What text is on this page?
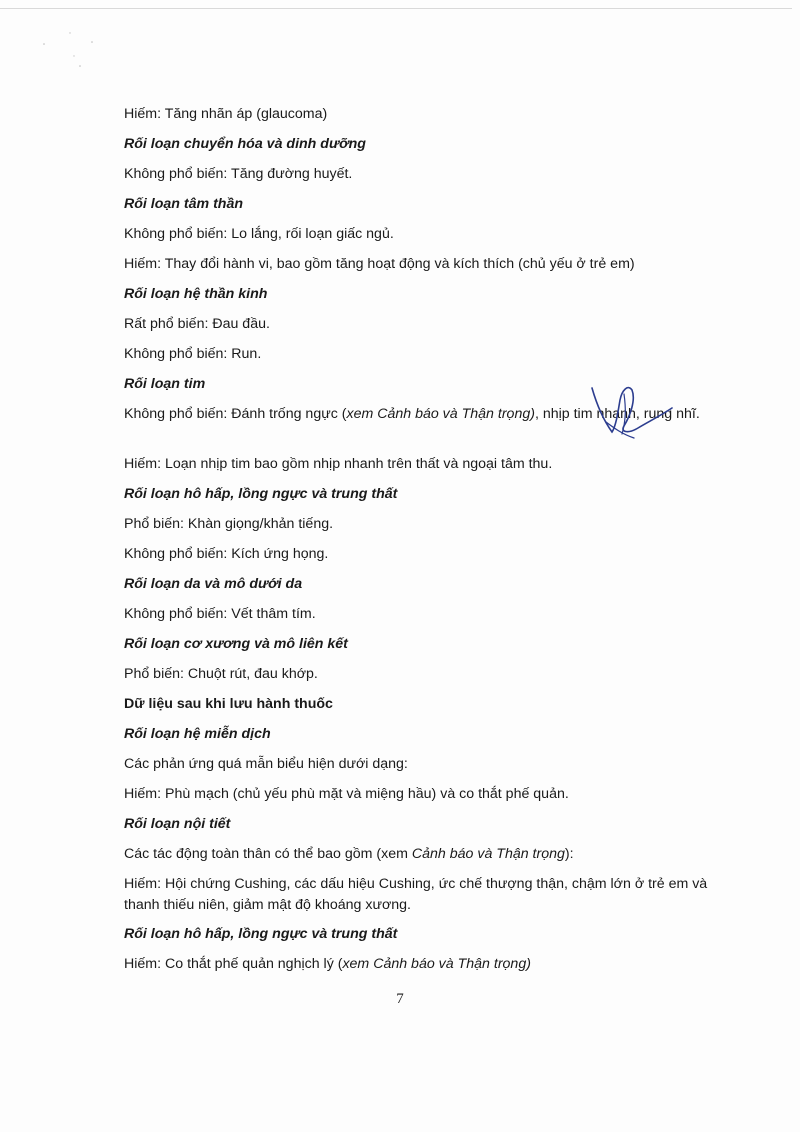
Hiếm: Tăng nhãn áp (glaucoma)

Rối loạn chuyển hóa và dinh dưỡng

Không phổ biến: Tăng đường huyết.

Rối loạn tâm thần

Không phổ biến: Lo lắng, rối loạn giấc ngủ.

Hiếm: Thay đổi hành vi, bao gồm tăng hoạt động và kích thích (chủ yếu ở trẻ em)

Rối loạn hệ thần kinh

Rất phổ biến: Đau đầu.

Không phổ biến: Run.

Rối loạn tim

Không phổ biến: Đánh trống ngực (xem Cảnh báo và Thận trọng), nhịp tim nhanh, rung nhĩ.

Hiếm: Loạn nhịp tim bao gồm nhịp nhanh trên thất và ngoại tâm thu.

Rối loạn hô hấp, lồng ngực và trung thất

Phổ biến: Khàn giọng/khản tiếng.

Không phổ biến: Kích ứng họng.

Rối loạn da và mô dưới da

Không phổ biến: Vết thâm tím.

Rối loạn cơ xương và mô liên kết

Phổ biến: Chuột rút, đau khớp.

Dữ liệu sau khi lưu hành thuốc

Rối loạn hệ miễn dịch

Các phản ứng quá mẫn biểu hiện dưới dạng:

Hiếm: Phù mạch (chủ yếu phù mặt và miệng hầu) và co thắt phế quản.

Rối loạn nội tiết

Các tác động toàn thân có thể bao gồm (xem Cảnh báo và Thận trọng):

Hiếm: Hội chứng Cushing, các dấu hiệu Cushing, ức chế thượng thận, chậm lớn ở trẻ em và thanh thiếu niên, giảm mật độ khoáng xương.

Rối loạn hô hấp, lồng ngực và trung thất

Hiếm: Co thắt phế quản nghịch lý (xem Cảnh báo và Thận trọng)

7
